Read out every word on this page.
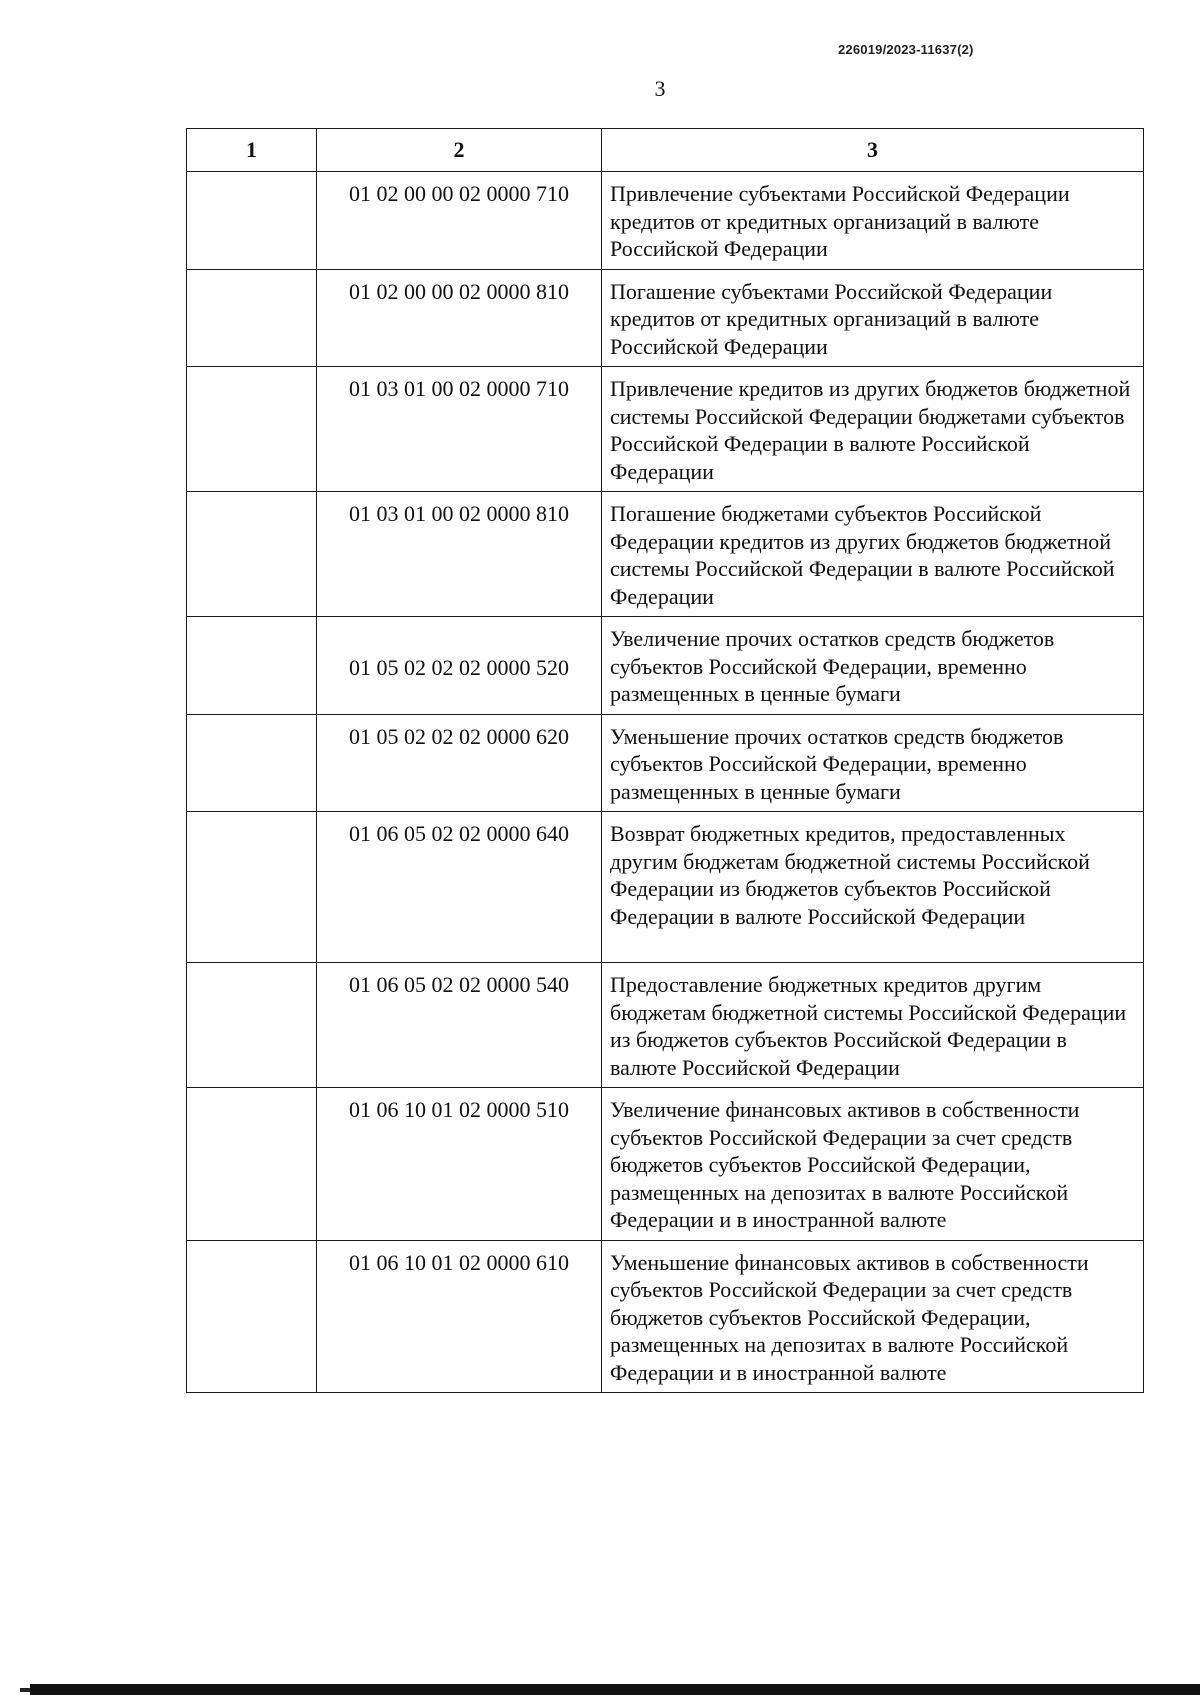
226019/2023-11637(2)
3
1	2	3
	01 02 00 00 02 0000 710	Привлечение субъектами Российской Федерации кредитов от кредитных организаций в валюте Российской Федерации
	01 02 00 00 02 0000 810	Погашение субъектами Российской Федерации кредитов от кредитных организаций в валюте Российской Федерации
	01 03 01 00 02 0000 710	Привлечение кредитов из других бюджетов бюджетной системы Российской Федерации бюджетами субъектов Российской Федерации в валюте Российской Федерации
	01 03 01 00 02 0000 810	Погашение бюджетами субъектов Российской Федерации кредитов из других бюджетов бюджетной системы Российской Федерации в валюте Российской Федерации
	01 05 02 02 02 0000 520	Увеличение прочих остатков средств бюджетов субъектов Российской Федерации, временно размещенных в ценные бумаги
	01 05 02 02 02 0000 620	Уменьшение прочих остатков средств бюджетов субъектов Российской Федерации, временно размещенных в ценные бумаги
	01 06 05 02 02 0000 640	Возврат бюджетных кредитов, предоставленных другим бюджетам бюджетной системы Российской Федерации из бюджетов субъектов Российской Федерации в валюте Российской Федерации
	01 06 05 02 02 0000 540	Предоставление бюджетных кредитов другим бюджетам бюджетной системы Российской Федерации из бюджетов субъектов Российской Федерации в валюте Российской Федерации
	01 06 10 01 02 0000 510	Увеличение финансовых активов в собственности субъектов Российской Федерации за счет средств бюджетов субъектов Российской Федерации, размещенных на депозитах в валюте Российской Федерации и в иностранной валюте
	01 06 10 01 02 0000 610	Уменьшение финансовых активов в собственности субъектов Российской Федерации за счет средств бюджетов субъектов Российской Федерации, размещенных на депозитах в валюте Российской Федерации и в иностранной валюте
